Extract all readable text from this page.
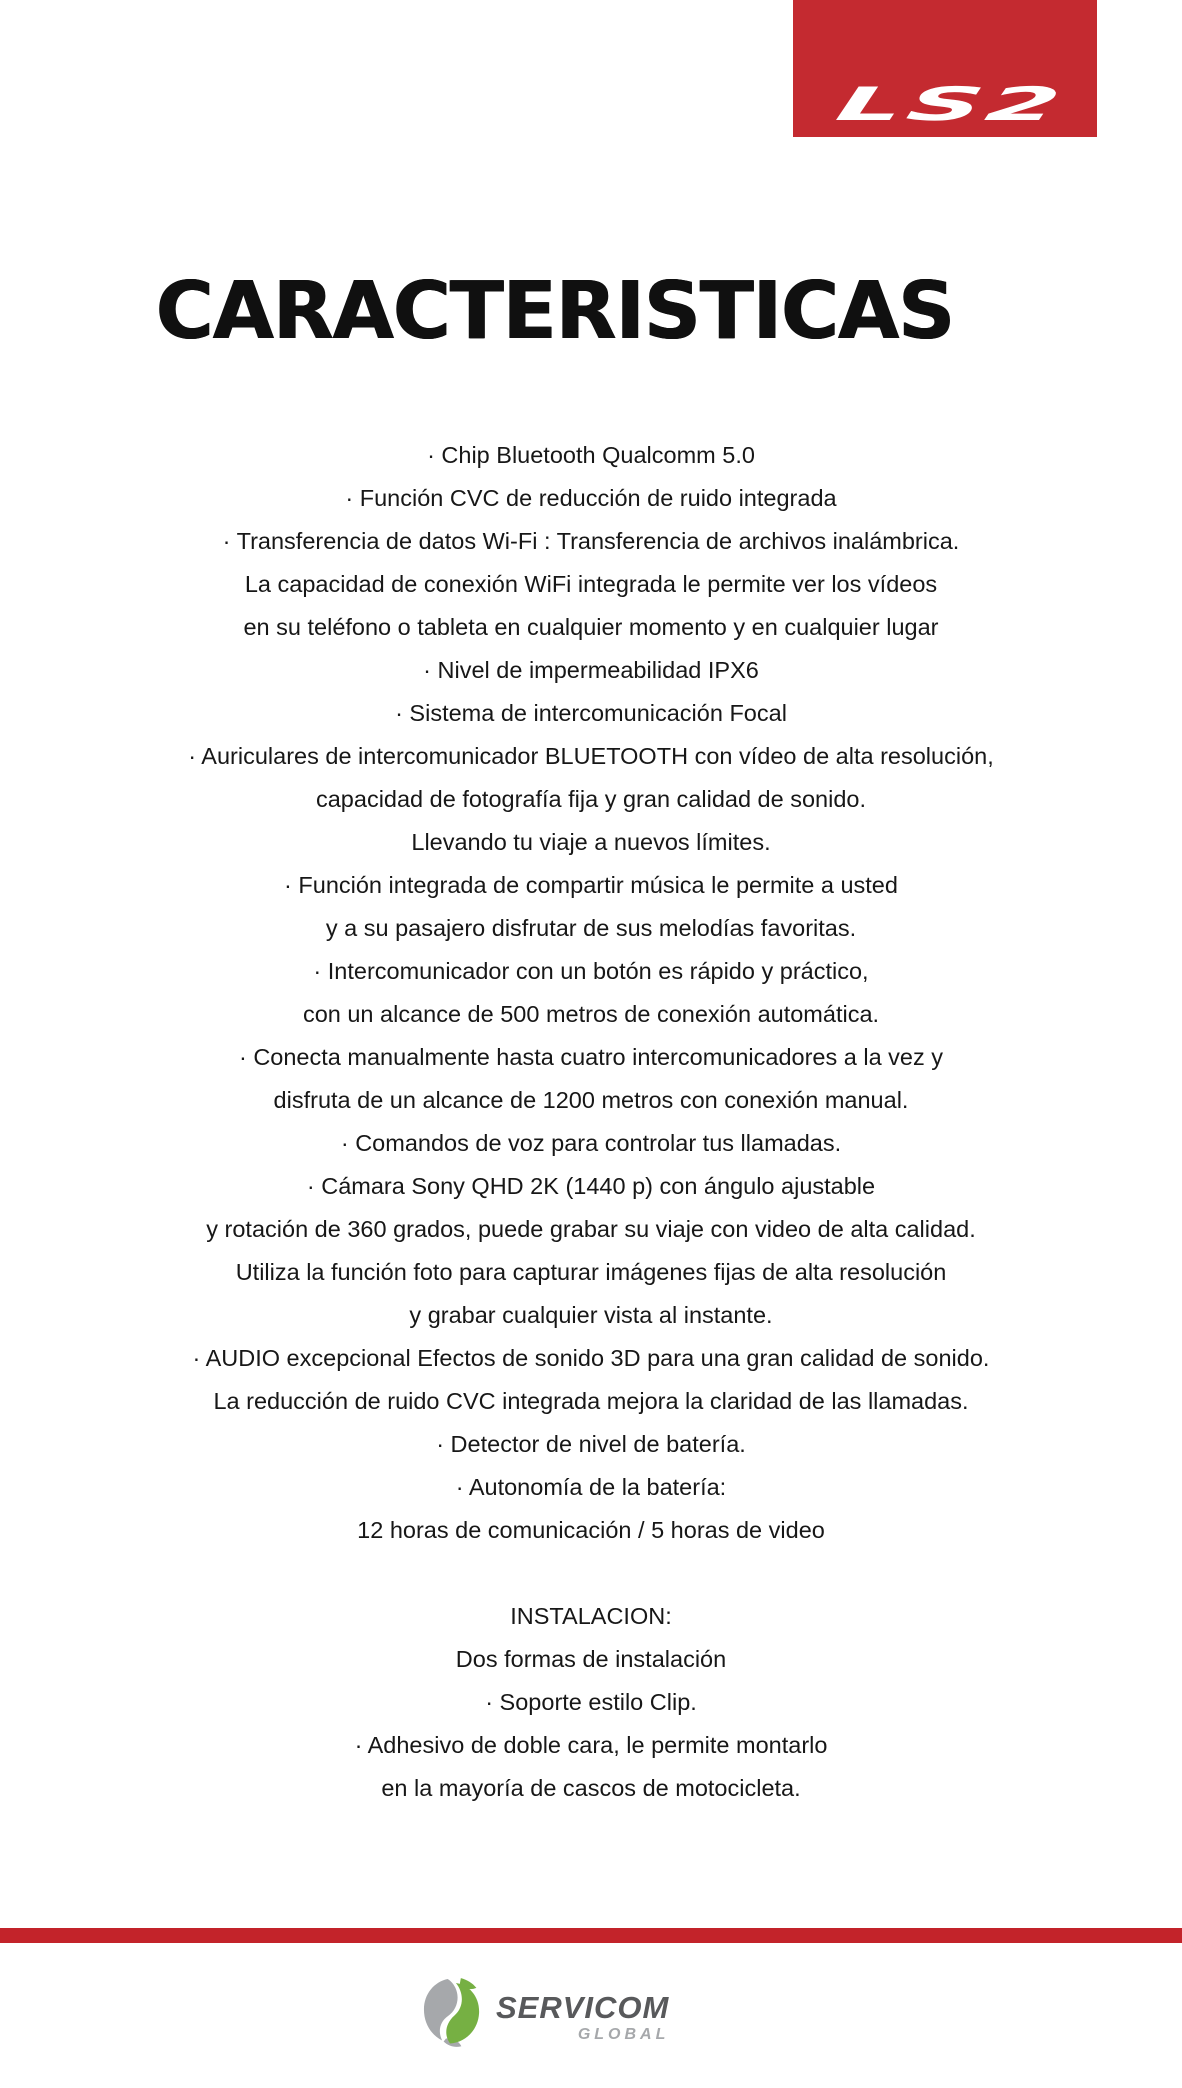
LS2
CARACTERISTICAS
· Chip Bluetooth Qualcomm 5.0
· Función CVC de reducción de ruido integrada
· Transferencia de datos Wi-Fi : Transferencia de archivos inalámbrica.
La capacidad de conexión WiFi integrada le permite ver los vídeos
en su teléfono o tableta en cualquier momento y en cualquier lugar
· Nivel de impermeabilidad IPX6
· Sistema de intercomunicación Focal
· Auriculares de intercomunicador BLUETOOTH con vídeo de alta resolución,
capacidad de fotografía fija y gran calidad de sonido.
Llevando tu viaje a nuevos límites.
· Función integrada de compartir música le permite a usted
y a su pasajero disfrutar de sus melodías favoritas.
· Intercomunicador con un botón es rápido y práctico,
con un alcance de 500 metros de conexión automática.
· Conecta manualmente hasta cuatro intercomunicadores a la vez y
disfruta de un alcance de 1200 metros con conexión manual.
· Comandos de voz para controlar tus llamadas.
· Cámara Sony QHD 2K (1440 p) con ángulo ajustable
y rotación de 360 grados, puede grabar su viaje con video de alta calidad.
Utiliza la función foto para capturar imágenes fijas de alta resolución
y grabar cualquier vista al instante.
· AUDIO excepcional Efectos de sonido 3D para una gran calidad de sonido.
La reducción de ruido CVC integrada mejora la claridad de las llamadas.
· Detector de nivel de batería.
· Autonomía de la batería:
12 horas de comunicación / 5 horas de video
INSTALACION:
Dos formas de instalación
· Soporte estilo Clip.
· Adhesivo de doble cara, le permite montarlo
en la mayoría de cascos de motocicleta.
SERVICOM
GLOBAL
